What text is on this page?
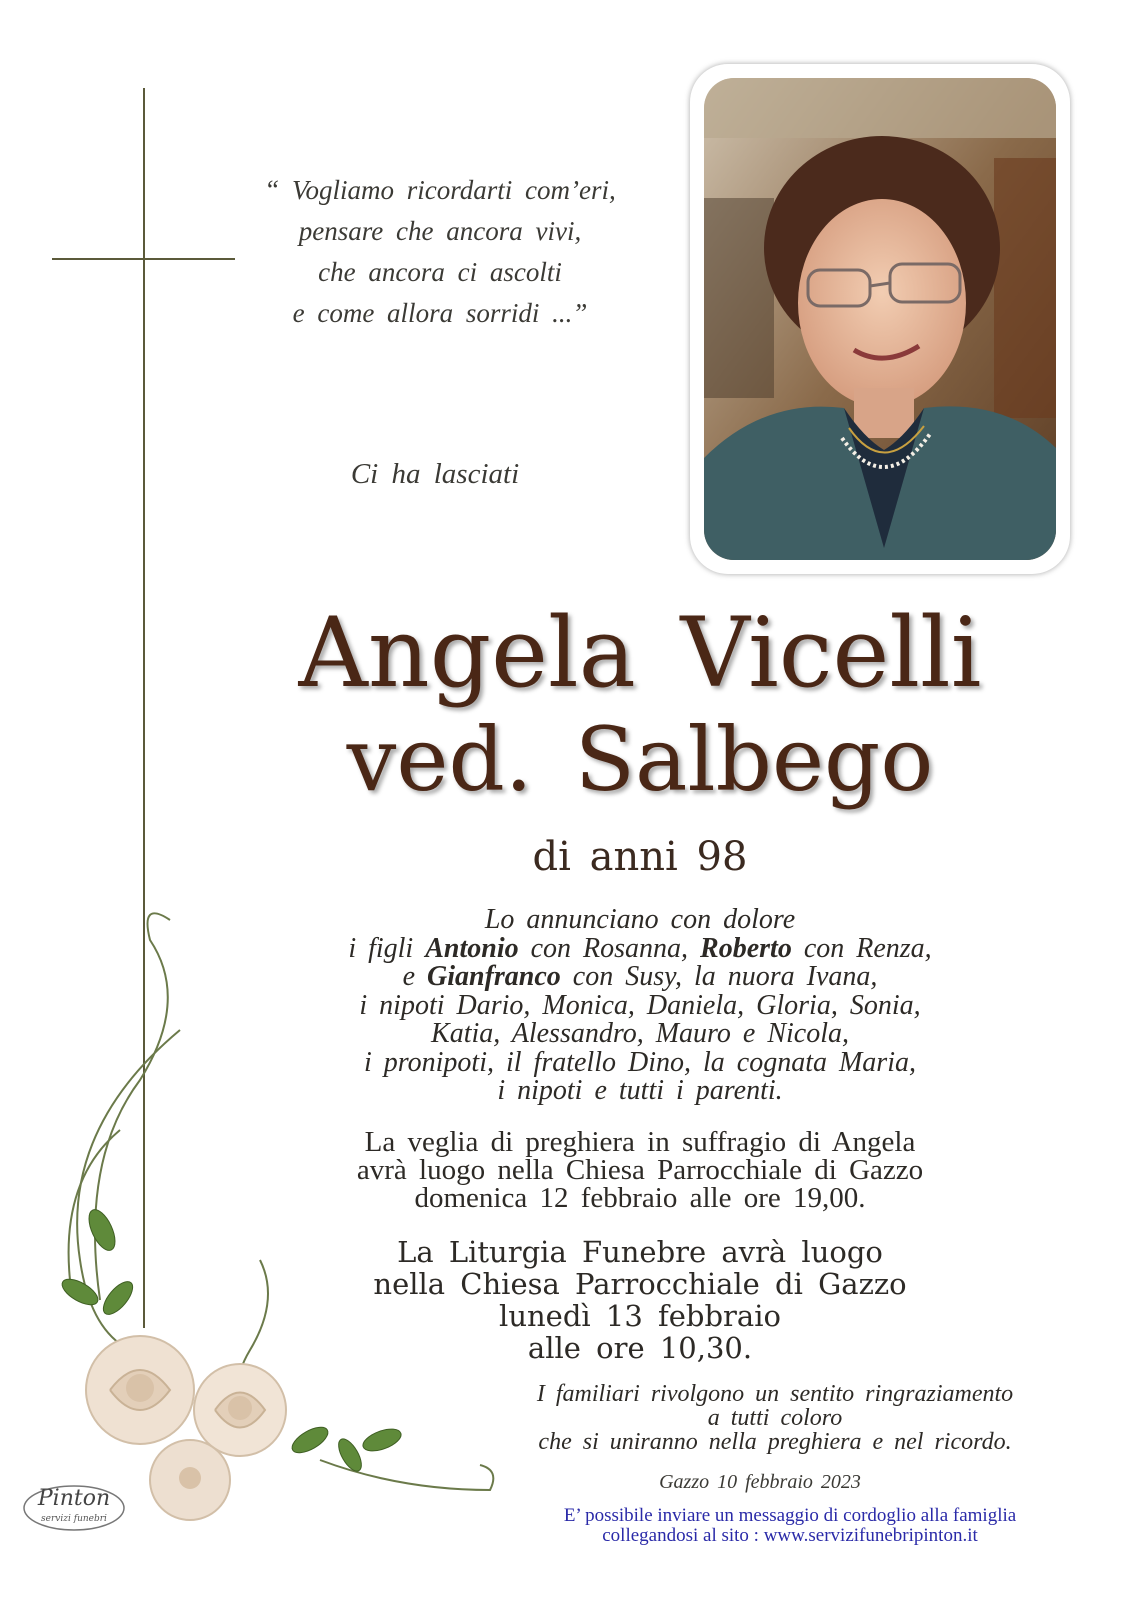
“ Vogliamo ricordarti com’eri,
pensare che ancora vivi,
che ancora ci ascolti
e come allora sorridi ...”
Ci ha lasciati
Angela Vicelli
ved. Salbego
di anni 98
Lo annunciano con dolore
i figli Antonio con Rosanna, Roberto con Renza,
e Gianfranco con Susy, la nuora Ivana,
i nipoti Dario, Monica, Daniela, Gloria, Sonia,
Katia, Alessandro, Mauro e Nicola,
i pronipoti, il fratello Dino, la cognata Maria,
i nipoti e tutti i parenti.
La veglia di preghiera in suffragio di Angela
avrà luogo nella Chiesa Parrocchiale di Gazzo
domenica 12 febbraio alle ore 19,00.
La Liturgia Funebre avrà luogo
nella Chiesa Parrocchiale di Gazzo
lunedì 13 febbraio
alle ore 10,30.
I familiari rivolgono un sentito ringraziamento
a tutti coloro
che si uniranno nella preghiera e nel ricordo.
Gazzo 10 febbraio 2023
E’ possibile inviare un messaggio di cordoglio alla famiglia
collegandosi al sito : www.servizifunebripinton.it
Pinton
servizi funebri
